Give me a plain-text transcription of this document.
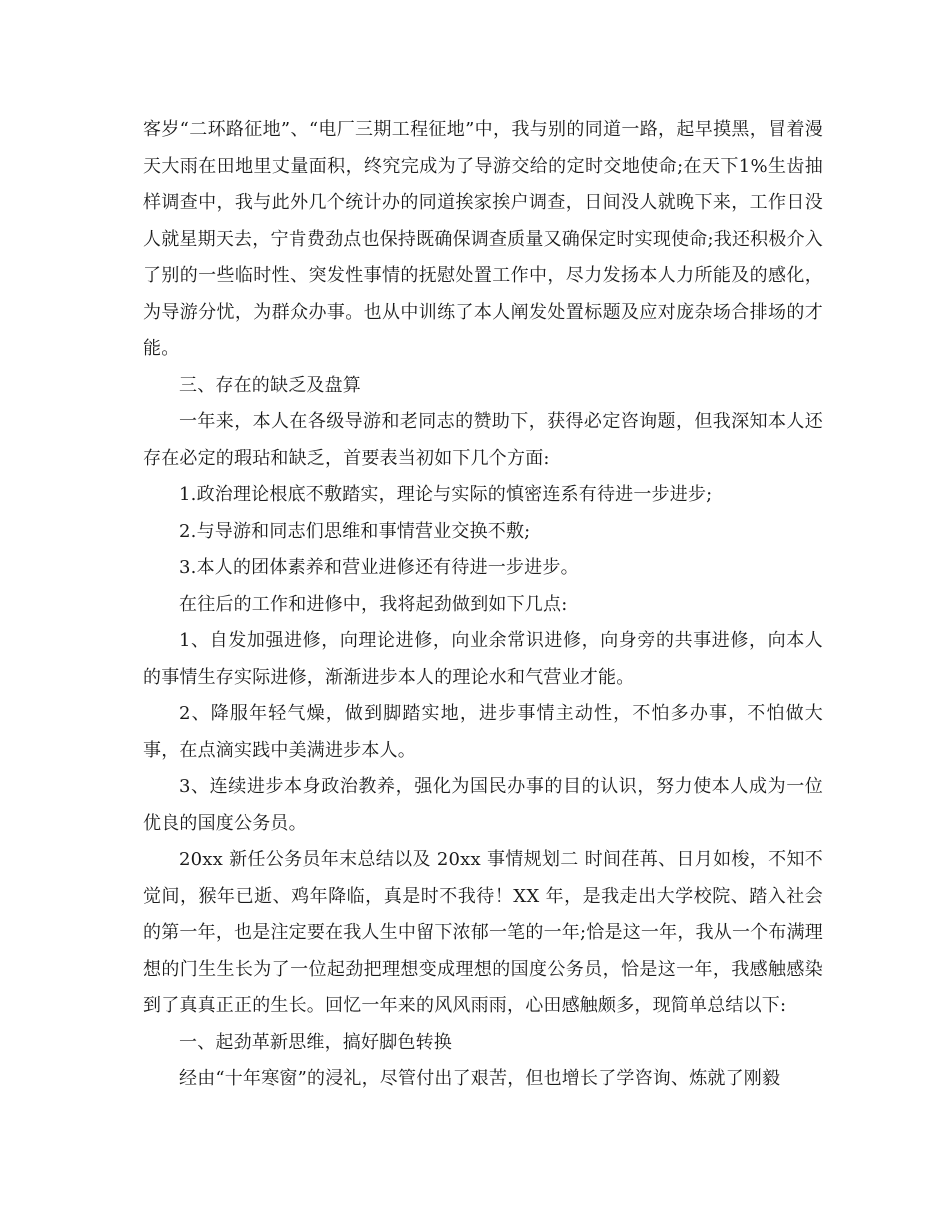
客岁“二环路征地”、“电厂三期工程征地”中，我与别的同道一路，起早摸黑，冒着漫天大雨在田地里丈量面积，终究完成为了导游交给的定时交地使命;在天下1%生齿抽样调查中，我与此外几个统计办的同道挨家挨户调查，日间没人就晚下来，工作日没人就星期天去，宁肯费劲点也保持既确保调查质量又确保定时实现使命;我还积极介入了别的一些临时性、突发性事情的抚慰处置工作中，尽力发扬本人力所能及的感化，为导游分忧，为群众办事。也从中训练了本人阐发处置标题及应对庞杂场合排场的才能。

三、存在的缺乏及盘算

一年来，本人在各级导游和老同志的赞助下，获得必定咨询题，但我深知本人还存在必定的瑕玷和缺乏，首要表当初如下几个方面:

1.政治理论根底不敷踏实，理论与实际的慎密连系有待进一步进步;

2.与导游和同志们思维和事情营业交换不敷;

3.本人的团体素养和营业进修还有待进一步进步。

在往后的工作和进修中，我将起劲做到如下几点:

1、自发加强进修，向理论进修，向业余常识进修，向身旁的共事进修，向本人的事情生存实际进修，渐渐进步本人的理论水和气营业才能。

2、降服年轻气燥，做到脚踏实地，进步事情主动性，不怕多办事，不怕做大事，在点滴实践中美满进步本人。

3、连续进步本身政治教养，强化为国民办事的目的认识，努力使本人成为一位优良的国度公务员。

20xx 新任公务员年末总结以及 20xx 事情规划二 时间荏苒、日月如梭，不知不觉间，猴年已逝、鸡年降临，真是时不我待！XX 年，是我走出大学校院、踏入社会的第一年，也是注定要在我人生中留下浓郁一笔的一年;恰是这一年，我从一个布满理想的门生生长为了一位起劲把理想变成理想的国度公务员，恰是这一年，我感触感染到了真真正正的生长。回忆一年来的风风雨雨，心田感触颇多，现简单总结以下:

一、起劲革新思维，搞好脚色转换

经由“十年寒窗”的浸礼，尽管付出了艰苦，但也增长了学咨询、炼就了刚毅
